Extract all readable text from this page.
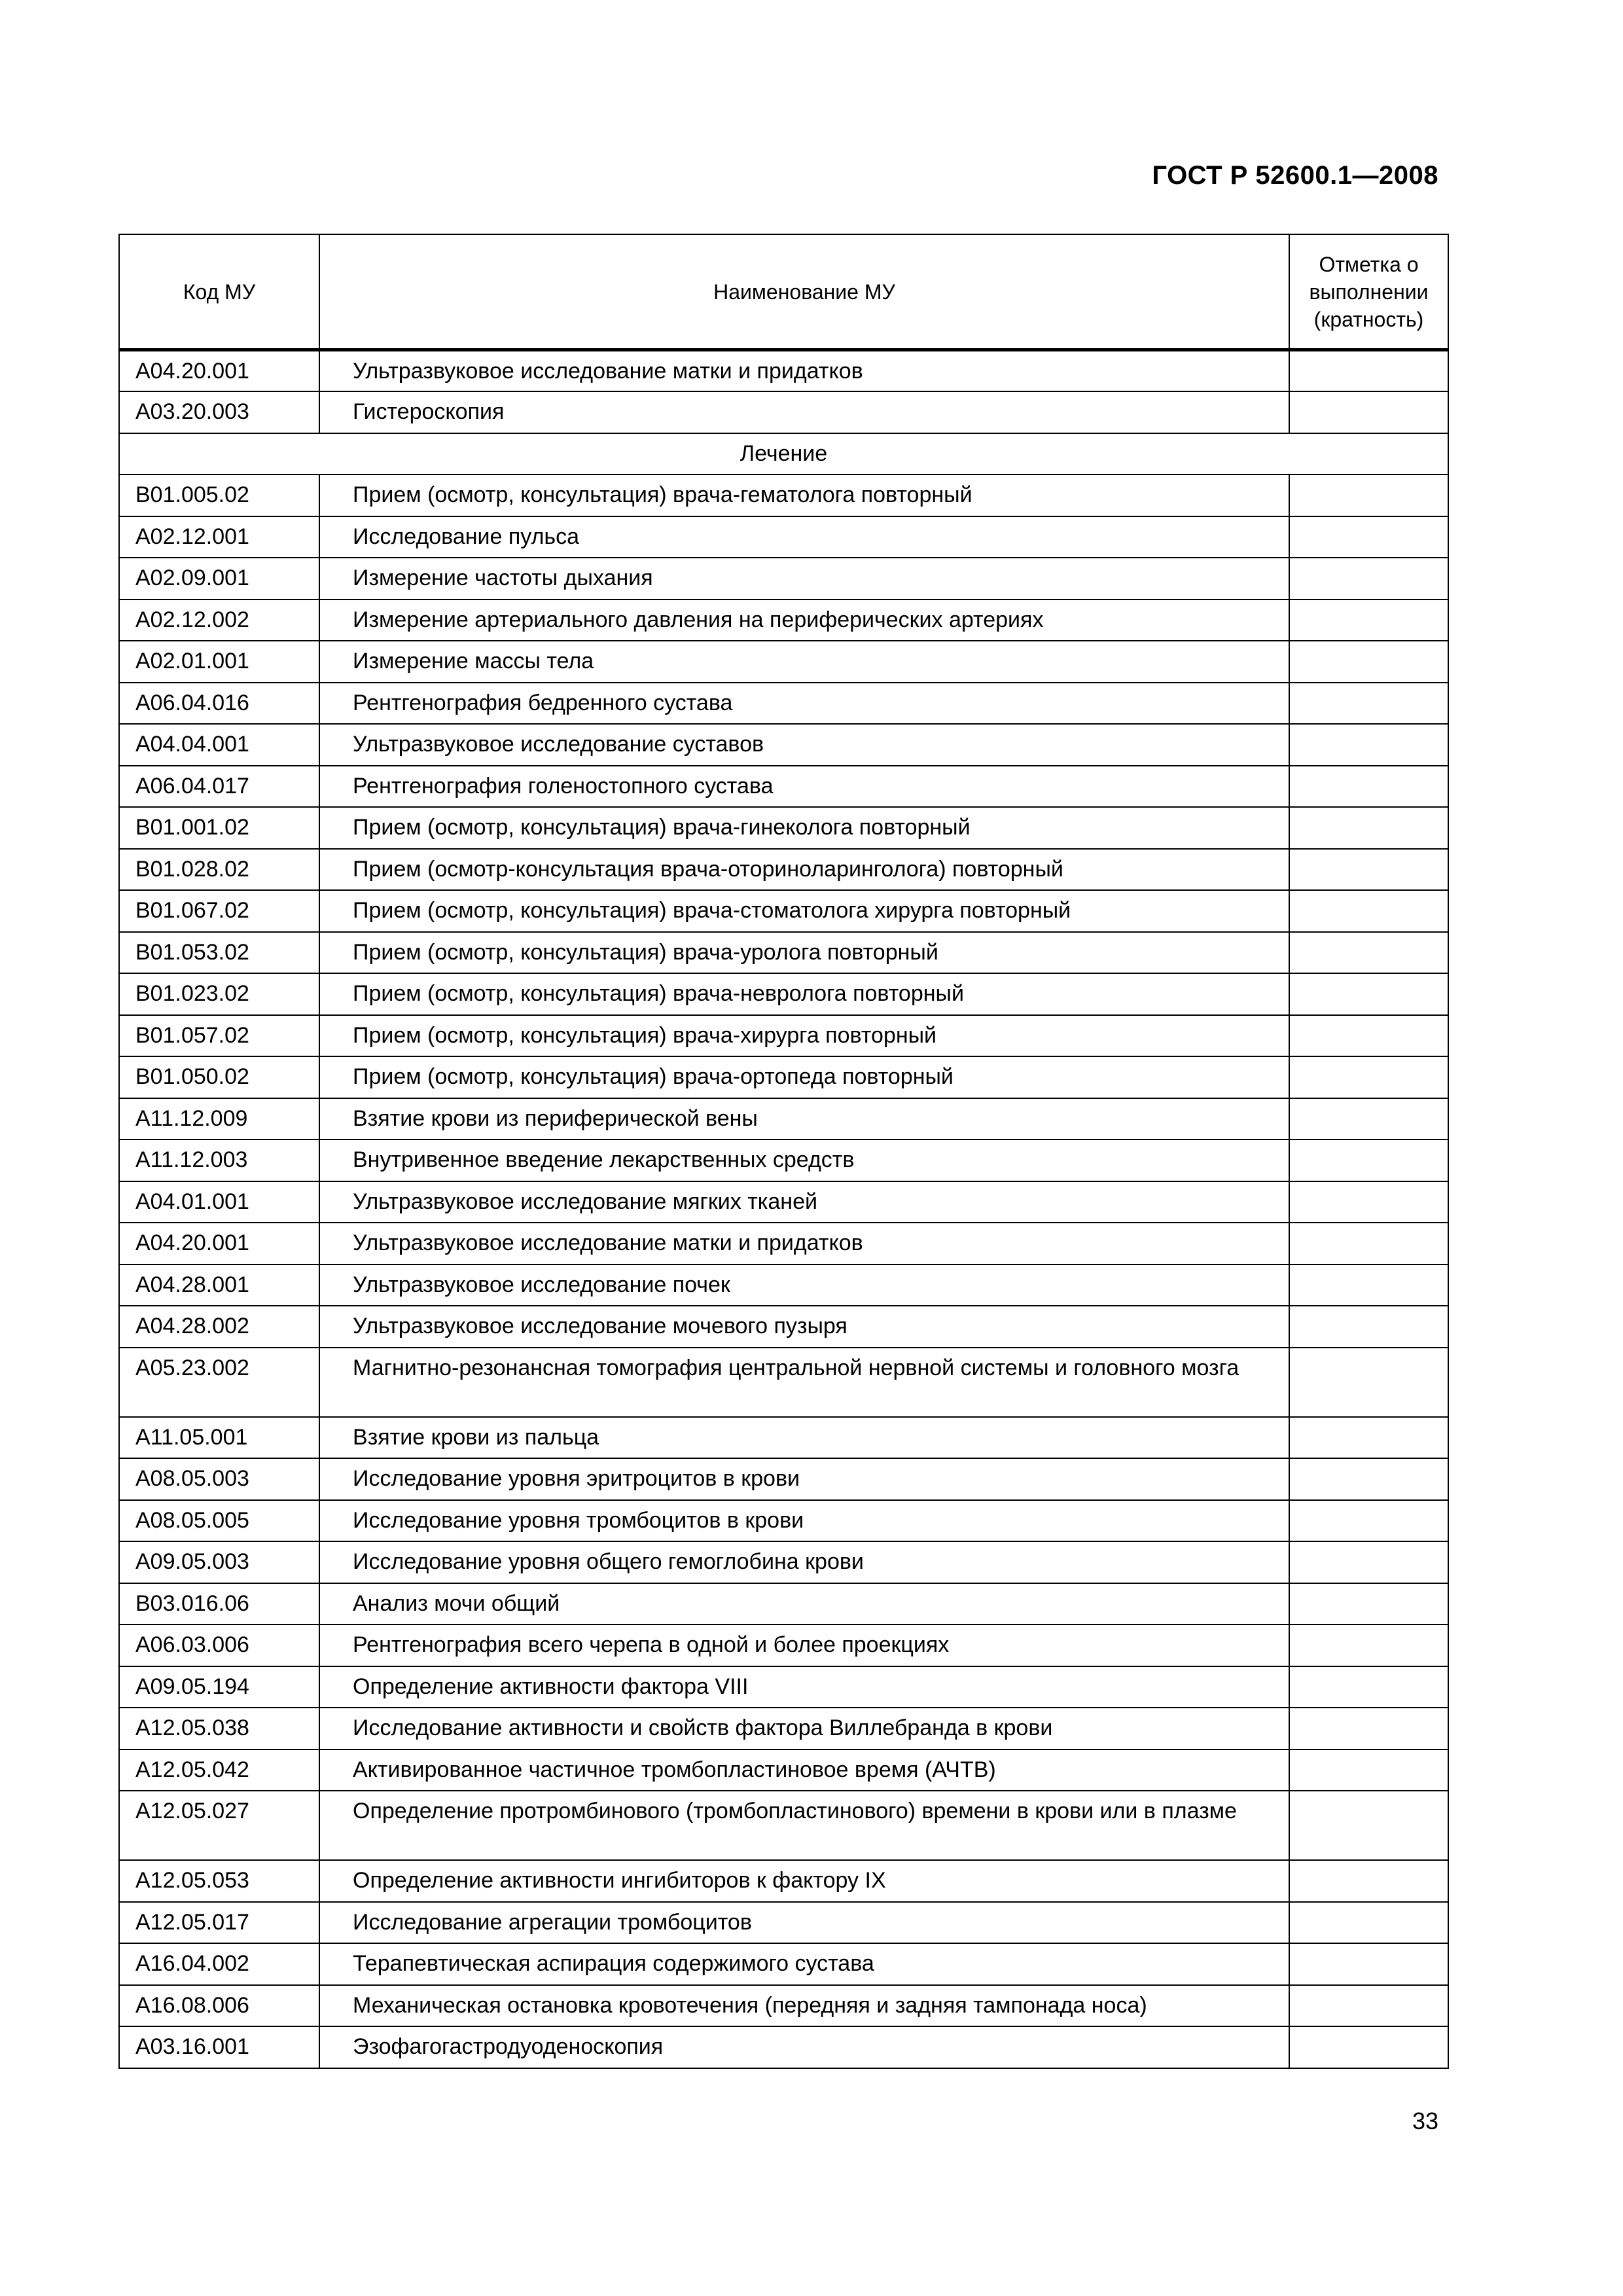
ГОСТ Р 52600.1—2008
Код МУ	Наименование МУ	Отметка о выполнении (кратность)
A04.20.001	Ультразвуковое исследование матки и придатков	
A03.20.003	Гистероскопия	
Лечение		
B01.005.02	Прием (осмотр, консультация) врача-гематолога повторный	
A02.12.001	Исследование пульса	
A02.09.001	Измерение частоты дыхания	
A02.12.002	Измерение артериального давления на периферических артериях	
A02.01.001	Измерение массы тела	
A06.04.016	Рентгенография бедренного сустава	
A04.04.001	Ультразвуковое исследование суставов	
A06.04.017	Рентгенография голеностопного сустава	
B01.001.02	Прием (осмотр, консультация) врача-гинеколога повторный	
B01.028.02	Прием (осмотр-консультация врача-оториноларинголога) повторный	
B01.067.02	Прием (осмотр, консультация) врача-стоматолога хирурга повторный	
B01.053.02	Прием (осмотр, консультация) врача-уролога повторный	
B01.023.02	Прием (осмотр, консультация) врача-невролога повторный	
B01.057.02	Прием (осмотр, консультация) врача-хирурга повторный	
B01.050.02	Прием (осмотр, консультация) врача-ортопеда повторный	
A11.12.009	Взятие крови из периферической вены	
A11.12.003	Внутривенное введение лекарственных средств	
A04.01.001	Ультразвуковое исследование мягких тканей	
A04.20.001	Ультразвуковое исследование матки и придатков	
A04.28.001	Ультразвуковое исследование почек	
A04.28.002	Ультразвуковое исследование мочевого пузыря	
A05.23.002	Магнитно-резонансная томография центральной нервной системы и головного мозга	
A11.05.001	Взятие крови из пальца	
A08.05.003	Исследование уровня эритроцитов в крови	
A08.05.005	Исследование уровня тромбоцитов в крови	
A09.05.003	Исследование уровня общего гемоглобина крови	
B03.016.06	Анализ мочи общий	
A06.03.006	Рентгенография всего черепа в одной и более проекциях	
A09.05.194	Определение активности фактора VIII	
A12.05.038	Исследование активности и свойств фактора Виллебранда в крови	
A12.05.042	Активированное частичное тромбопластиновое время (АЧТВ)	
A12.05.027	Определение протромбинового (тромбопластинового) времени в крови или в плазме	
A12.05.053	Определение активности ингибиторов к фактору IX	
A12.05.017	Исследование агрегации тромбоцитов	
A16.04.002	Терапевтическая аспирация содержимого сустава	
A16.08.006	Механическая остановка кровотечения (передняя и задняя тампонада носа)	
A03.16.001	Эзофагогастродуоденоскопия	
33
